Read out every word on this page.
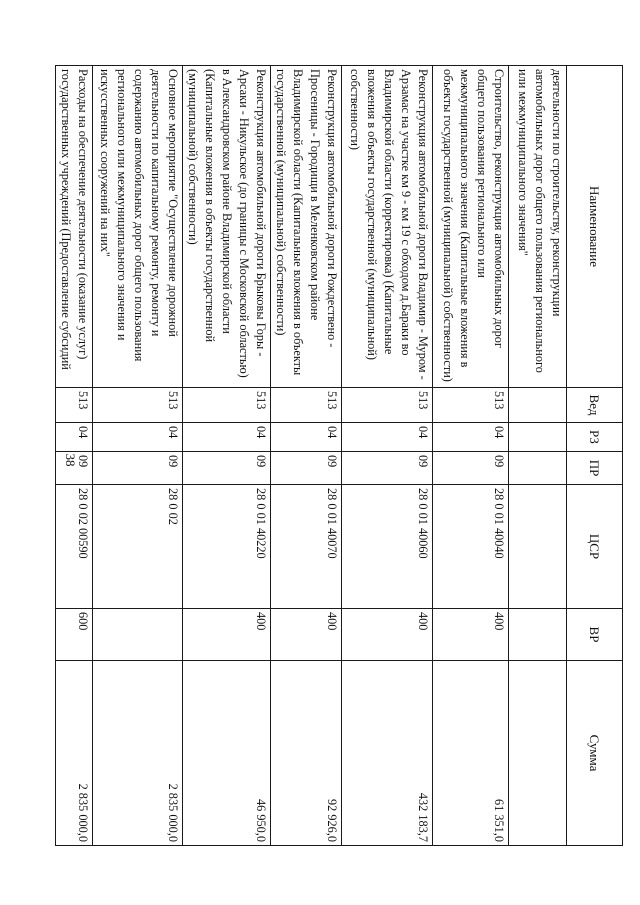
38
Наименование	Вед	РЗ	ПР	ЦСР	ВР	Сумма
деятельности по строительству, реконструкции автомобильных дорог общего пользования регионального или межмуниципального значения"						
Строительство, реконструкция автомобильных дорог общего пользования регионального или межмуниципального значения (Капитальные вложения в объекты государственной (муниципальной) собственности)	513	04	09	28 0 01 40040	400	61 351,0
Реконструкция автомобильной дороги Владимир - Муром - Арзамас на участке км 9 - км 19 с обходом д.Бараки во Владимирской области (корректировка) (Капитальные вложения в объекты государственной (муниципальной) собственности)	513	04	09	28 0 01 40060	400	432 183,7
Реконструкция автомобильной дороги Рождествено - Просеницы - Городищи в Меленковском районе Владимирской области (Капитальные вложения в объекты государственной (муниципальной) собственности)	513	04	09	28 0 01 40070	400	92 926,0
Реконструкция автомобильной дороги Брыковы Горы - Арсаки - Никульское (до границы с Московской областью) в Александровском районе Владимирской области (Капитальные вложения в объекты государственной (муниципальной) собственности)	513	04	09	28 0 01 40220	400	46 950,0
Основное мероприятие "Осуществление дорожной деятельности по капитальному ремонту, ремонту и содержанию автомобильных дорог общего пользования регионального или межмуниципального значения и искусственных сооружений на них"	513	04	09	28 0 02		2 835 000,0
Расходы на обеспечение деятельности (оказание услуг) государственных учреждений (Предоставление субсидий	513	04	09	28 0 02 00590	600	2 835 000,0
